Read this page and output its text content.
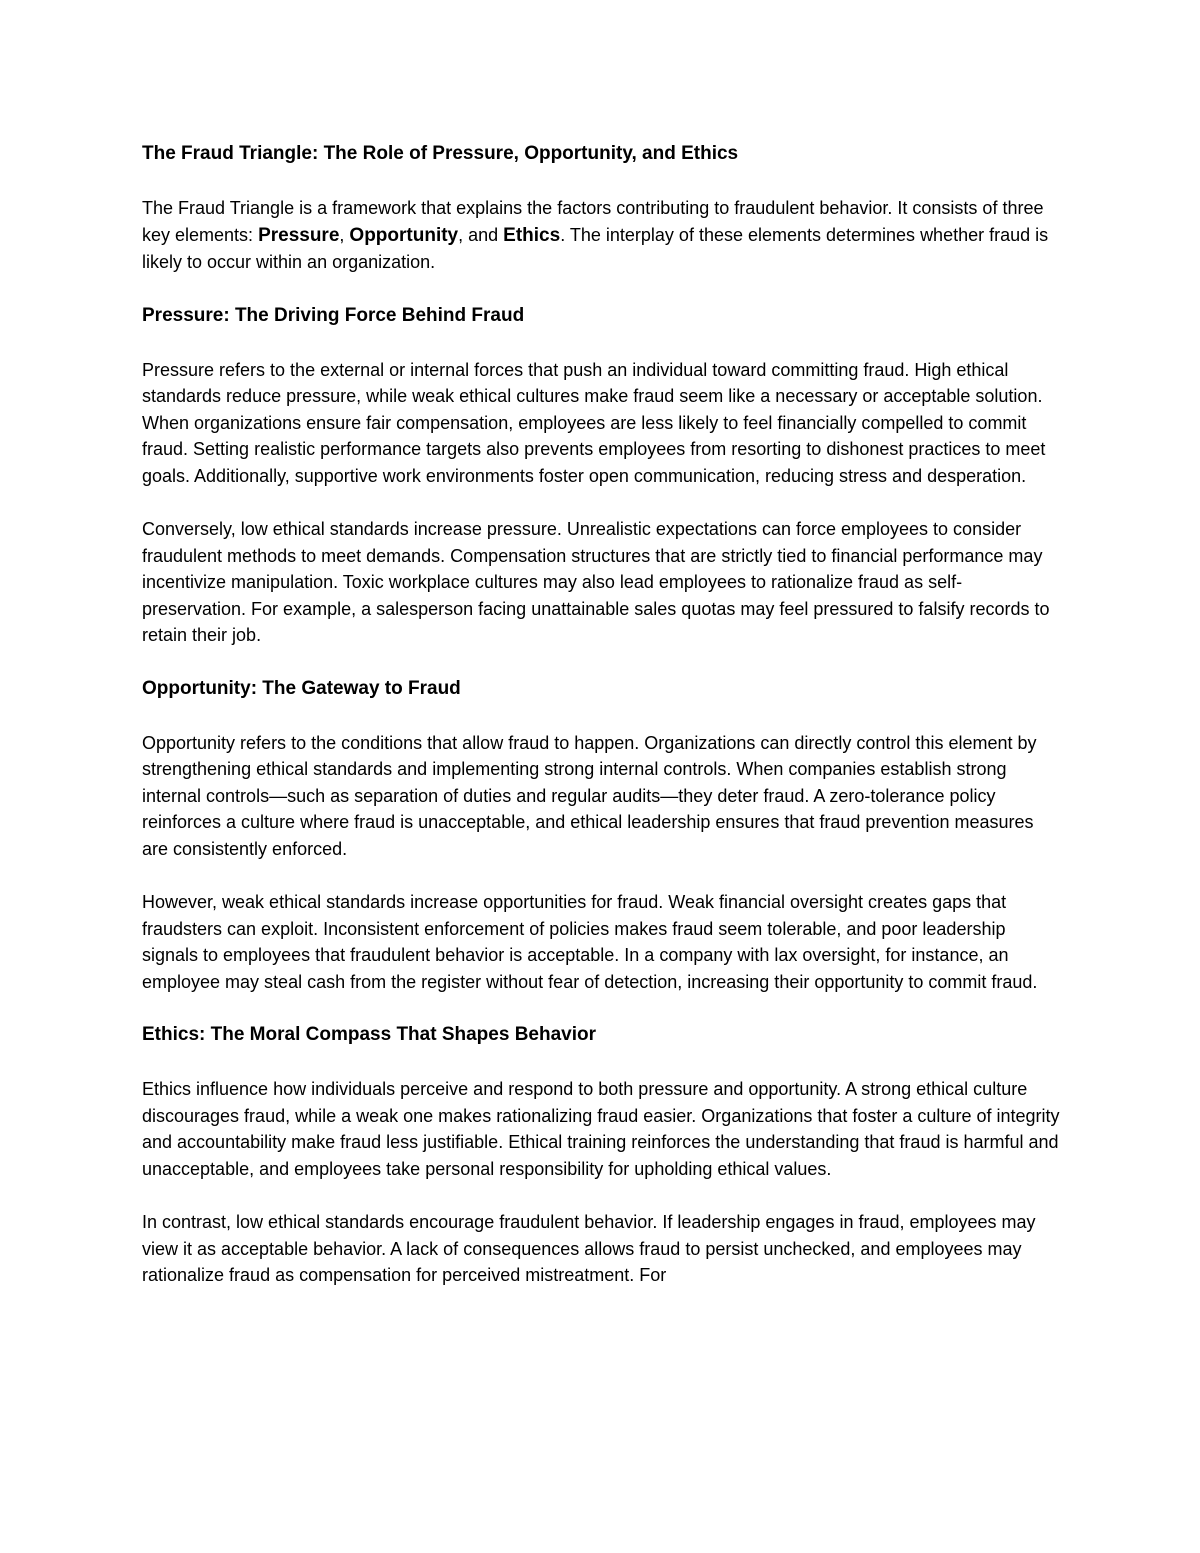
The Fraud Triangle: The Role of Pressure, Opportunity, and Ethics
The Fraud Triangle is a framework that explains the factors contributing to fraudulent behavior. It consists of three key elements: Pressure, Opportunity, and Ethics. The interplay of these elements determines whether fraud is likely to occur within an organization.
Pressure: The Driving Force Behind Fraud
Pressure refers to the external or internal forces that push an individual toward committing fraud. High ethical standards reduce pressure, while weak ethical cultures make fraud seem like a necessary or acceptable solution. When organizations ensure fair compensation, employees are less likely to feel financially compelled to commit fraud. Setting realistic performance targets also prevents employees from resorting to dishonest practices to meet goals. Additionally, supportive work environments foster open communication, reducing stress and desperation.
Conversely, low ethical standards increase pressure. Unrealistic expectations can force employees to consider fraudulent methods to meet demands. Compensation structures that are strictly tied to financial performance may incentivize manipulation. Toxic workplace cultures may also lead employees to rationalize fraud as self-preservation. For example, a salesperson facing unattainable sales quotas may feel pressured to falsify records to retain their job.
Opportunity: The Gateway to Fraud
Opportunity refers to the conditions that allow fraud to happen. Organizations can directly control this element by strengthening ethical standards and implementing strong internal controls. When companies establish strong internal controls—such as separation of duties and regular audits—they deter fraud. A zero-tolerance policy reinforces a culture where fraud is unacceptable, and ethical leadership ensures that fraud prevention measures are consistently enforced.
However, weak ethical standards increase opportunities for fraud. Weak financial oversight creates gaps that fraudsters can exploit. Inconsistent enforcement of policies makes fraud seem tolerable, and poor leadership signals to employees that fraudulent behavior is acceptable. In a company with lax oversight, for instance, an employee may steal cash from the register without fear of detection, increasing their opportunity to commit fraud.
Ethics: The Moral Compass That Shapes Behavior
Ethics influence how individuals perceive and respond to both pressure and opportunity. A strong ethical culture discourages fraud, while a weak one makes rationalizing fraud easier. Organizations that foster a culture of integrity and accountability make fraud less justifiable. Ethical training reinforces the understanding that fraud is harmful and unacceptable, and employees take personal responsibility for upholding ethical values.
In contrast, low ethical standards encourage fraudulent behavior. If leadership engages in fraud, employees may view it as acceptable behavior. A lack of consequences allows fraud to persist unchecked, and employees may rationalize fraud as compensation for perceived mistreatment. For
